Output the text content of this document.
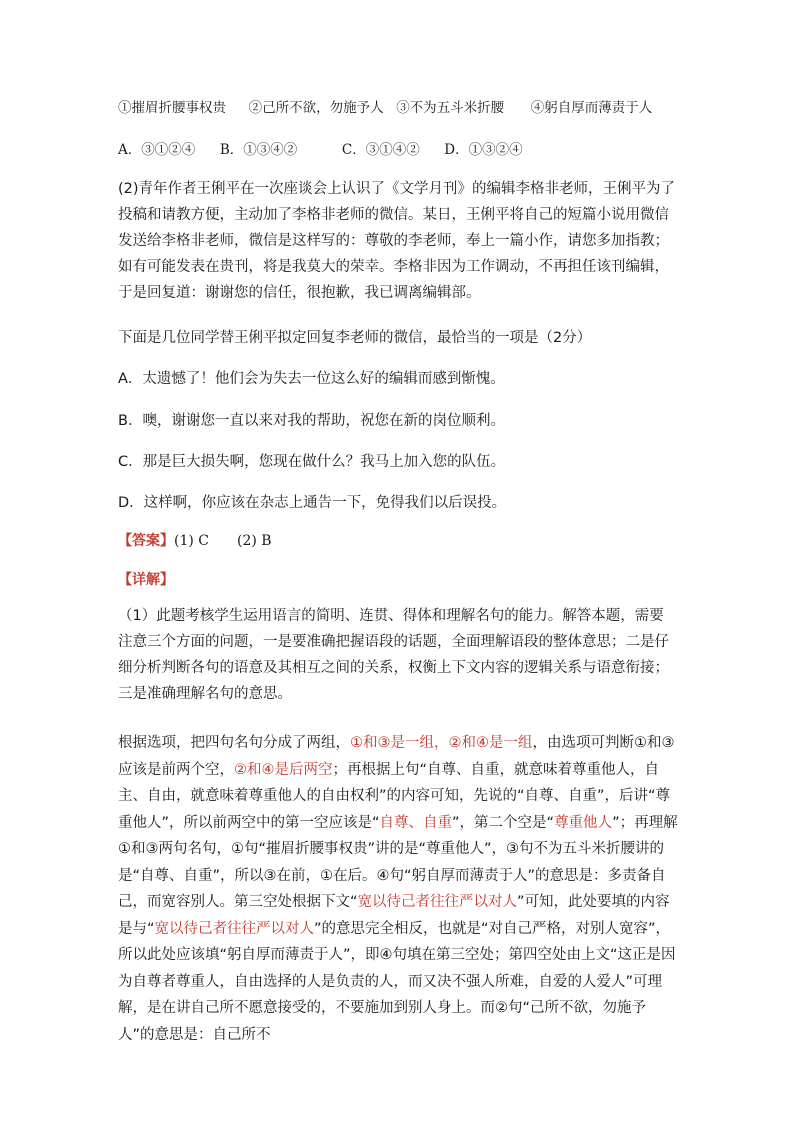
①摧眉折腰事权贵 ②己所不欲，勿施予人 ③不为五斗米折腰 ④躬自厚而薄责于人
A．③①②④ B．①③④②	C．③①④② D．①③②④
(2)青年作者王俐平在一次座谈会上认识了《文学月刊》的编辑李格非老师，王俐平为了投稿和请教方便，主动加了李格非老师的微信。某日，王俐平将自己的短篇小说用微信发送给李格非老师，微信是这样写的：尊敬的李老师，奉上一篇小作，请您多加指教；如有可能发表在贵刊，将是我莫大的荣幸。李格非因为工作调动，不再担任该刊编辑，于是回复道：谢谢您的信任，很抱歉，我已调离编辑部。
下面是几位同学替王俐平拟定回复李老师的微信，最恰当的一项是（2分）
A．太遗憾了！他们会为失去一位这么好的编辑而感到惭愧。
B．噢，谢谢您一直以来对我的帮助，祝您在新的岗位顺利。
C．那是巨大损失啊，您现在做什么？我马上加入您的队伍。
D．这样啊，你应该在杂志上通告一下，免得我们以后误投。
【答案】(1) C　　(2) B
【详解】
（1）此题考核学生运用语言的简明、连贯、得体和理解名句的能力。解答本题，需要注意三个方面的问题，一是要准确把握语段的话题，全面理解语段的整体意思；二是仔细分析判断各句的语意及其相互之间的关系，权衡上下文内容的逻辑关系与语意衔接；三是准确理解名句的意思。
根据选项，把四句名句分成了两组，①和③是一组，②和④是一组，由选项可判断①和③应该是前两个空，②和④是后两空；再根据上句“自尊、自重，就意味着尊重他人，自主、自由，就意味着尊重他人的自由权利”的内容可知，先说的“自尊、自重”，后讲“尊重他人”，所以前两空中的第一空应该是“自尊、自重”，第二个空是“尊重他人”；再理解①和③两句名句，①句“摧眉折腰事权贵”讲的是“尊重他人”，③句不为五斗米折腰讲的是“自尊、自重”，所以③在前，①在后。④句“躬自厚而薄责于人”的意思是：多责备自己，而宽容别人。第三空处根据下文“宽以待己者往往严以对人”可知，此处要填的内容是与“宽以待己者往往严以对人”的意思完全相反，也就是“对自己严格，对别人宽容”，所以此处应该填“躬自厚而薄责于人”，即④句填在第三空处；第四空处由上文“这正是因为自尊者尊重人，自由选择的人是负责的人，而又决不强人所难，自爱的人爱人”可理解，是在讲自己所不愿意接受的，不要施加到别人身上。而②句“己所不欲，勿施予人”的意思是：自己所不
